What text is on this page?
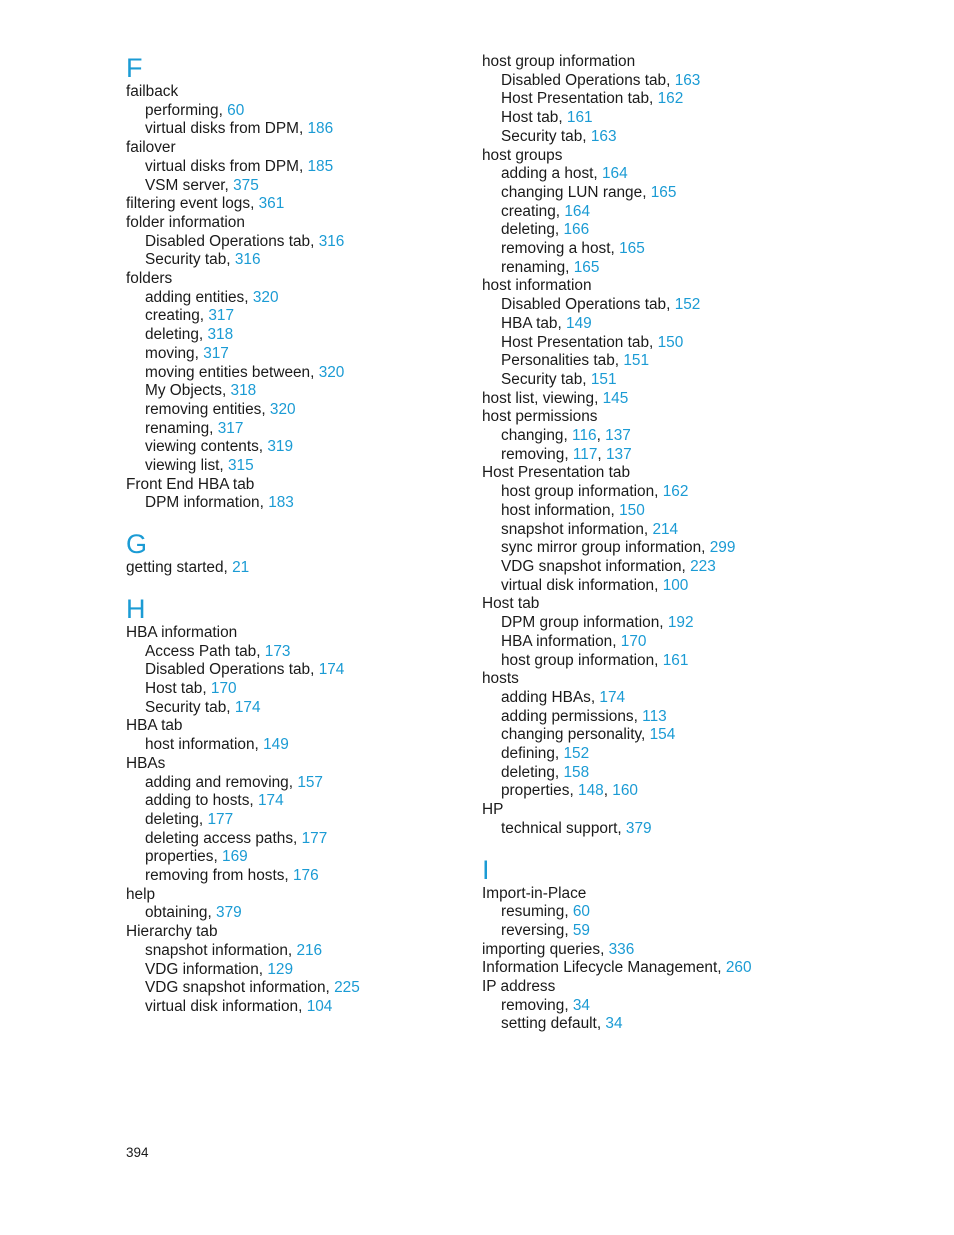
F
failback
performing, 60
virtual disks from DPM, 186
failover
virtual disks from DPM, 185
VSM server, 375
filtering event logs, 361
folder information
Disabled Operations tab, 316
Security tab, 316
folders
adding entities, 320
creating, 317
deleting, 318
moving, 317
moving entities between, 320
My Objects, 318
removing entities, 320
renaming, 317
viewing contents, 319
viewing list, 315
Front End HBA tab
DPM information, 183
G
getting started, 21
H
HBA information
Access Path tab, 173
Disabled Operations tab, 174
Host tab, 170
Security tab, 174
HBA tab
host information, 149
HBAs
adding and removing, 157
adding to hosts, 174
deleting, 177
deleting access paths, 177
properties, 169
removing from hosts, 176
help
obtaining, 379
Hierarchy tab
snapshot information, 216
VDG information, 129
VDG snapshot information, 225
virtual disk information, 104
host group information
Disabled Operations tab, 163
Host Presentation tab, 162
Host tab, 161
Security tab, 163
host groups
adding a host, 164
changing LUN range, 165
creating, 164
deleting, 166
removing a host, 165
renaming, 165
host information
Disabled Operations tab, 152
HBA tab, 149
Host Presentation tab, 150
Personalities tab, 151
Security tab, 151
host list, viewing, 145
host permissions
changing, 116, 137
removing, 117, 137
Host Presentation tab
host group information, 162
host information, 150
snapshot information, 214
sync mirror group information, 299
VDG snapshot information, 223
virtual disk information, 100
Host tab
DPM group information, 192
HBA information, 170
host group information, 161
hosts
adding HBAs, 174
adding permissions, 113
changing personality, 154
defining, 152
deleting, 158
properties, 148, 160
HP
technical support, 379
I
Import-in-Place
resuming, 60
reversing, 59
importing queries, 336
Information Lifecycle Management, 260
IP address
removing, 34
setting default, 34
394
